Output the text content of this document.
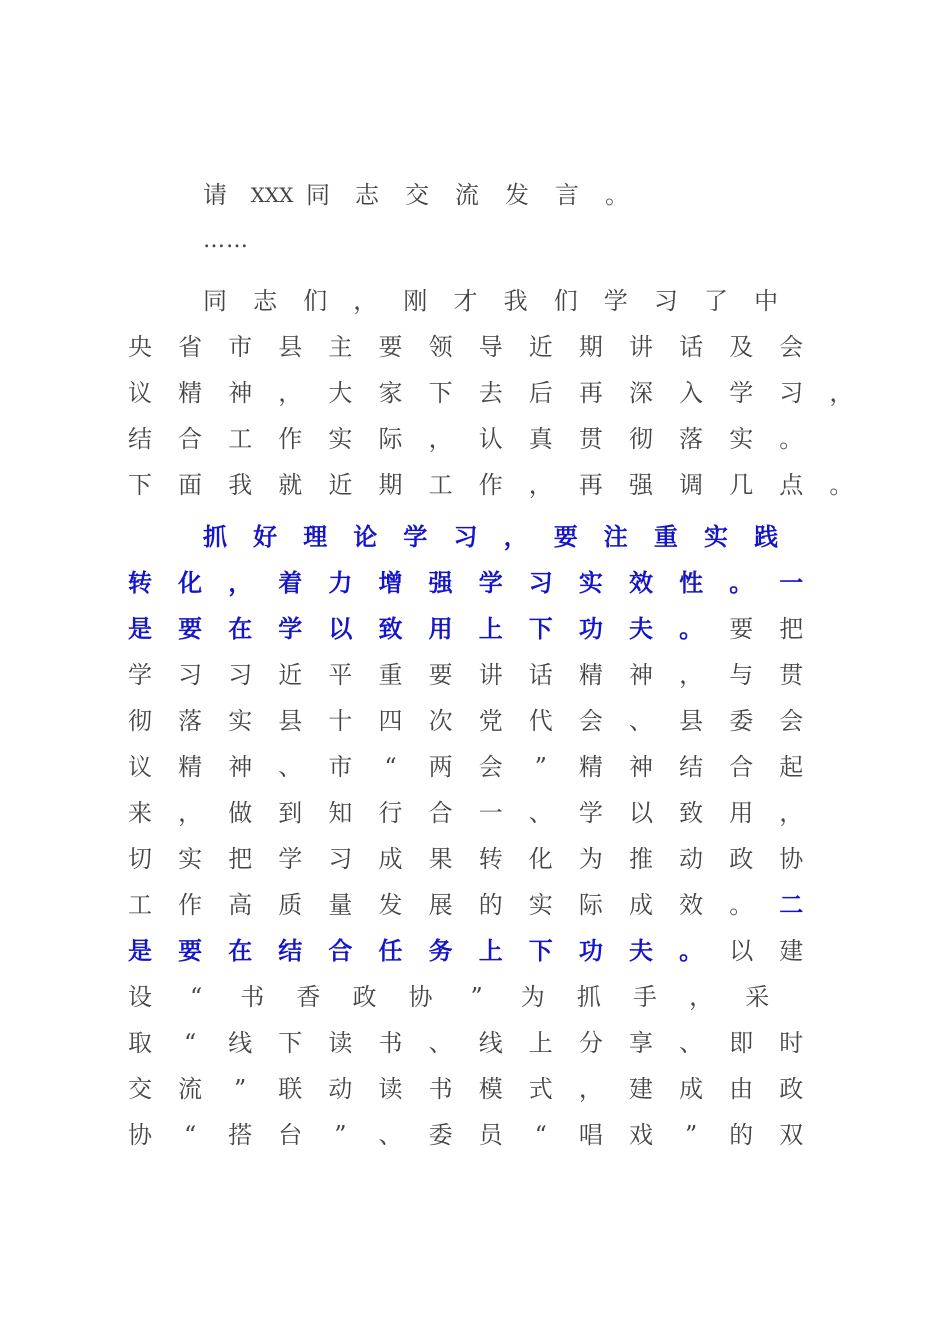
……
请 XXX 同 志 交 流 发 言 。
同 志 们 ， 刚 才 我 们 学 习 了 中
央 省 市 县 主 要 领 导 近 期 讲 话 及 会
议 精 神 ， 大 家 下 去 后 再 深 入 学 习 ，
结 合 工 作 实 际 ， 认 真 贯 彻 落 实 。
下 面 我 就 近 期 工 作 ， 再 强 调 几 点 。
抓 好 理 论 学 习 ， 要 注 重 实 践
转 化 ， 着 力 增 强 学 习 实 效 性 。 一
是 要 在 学 以 致 用 上 下 功 夫 。 要 把
学 习 习 近 平 重 要 讲 话 精 神 ， 与 贯
彻 落 实 县 十 四 次 党 代 会 、 县 委 会
议 精 神 、 市	“	两 会	”	精 神 结 合 起
来 ， 做 到 知 行 合 一 、 学 以 致 用 ，
切 实 把 学 习 成 果 转 化 为 推 动 政 协
工 作 高 质 量 发 展 的 实 际 成 效 。 二
是 要 在 结 合 任 务 上 下 功 夫 。 以 建
设	“	书 香 政 协	”	为 抓 手 ， 采
取	“	线 下 读 书 、 线 上 分 享 、 即 时
交 流	”	联 动 读 书 模 式 ， 建 成 由 政
协	“	搭 台	”	、 委 员	“	唱 戏	”	的 双
